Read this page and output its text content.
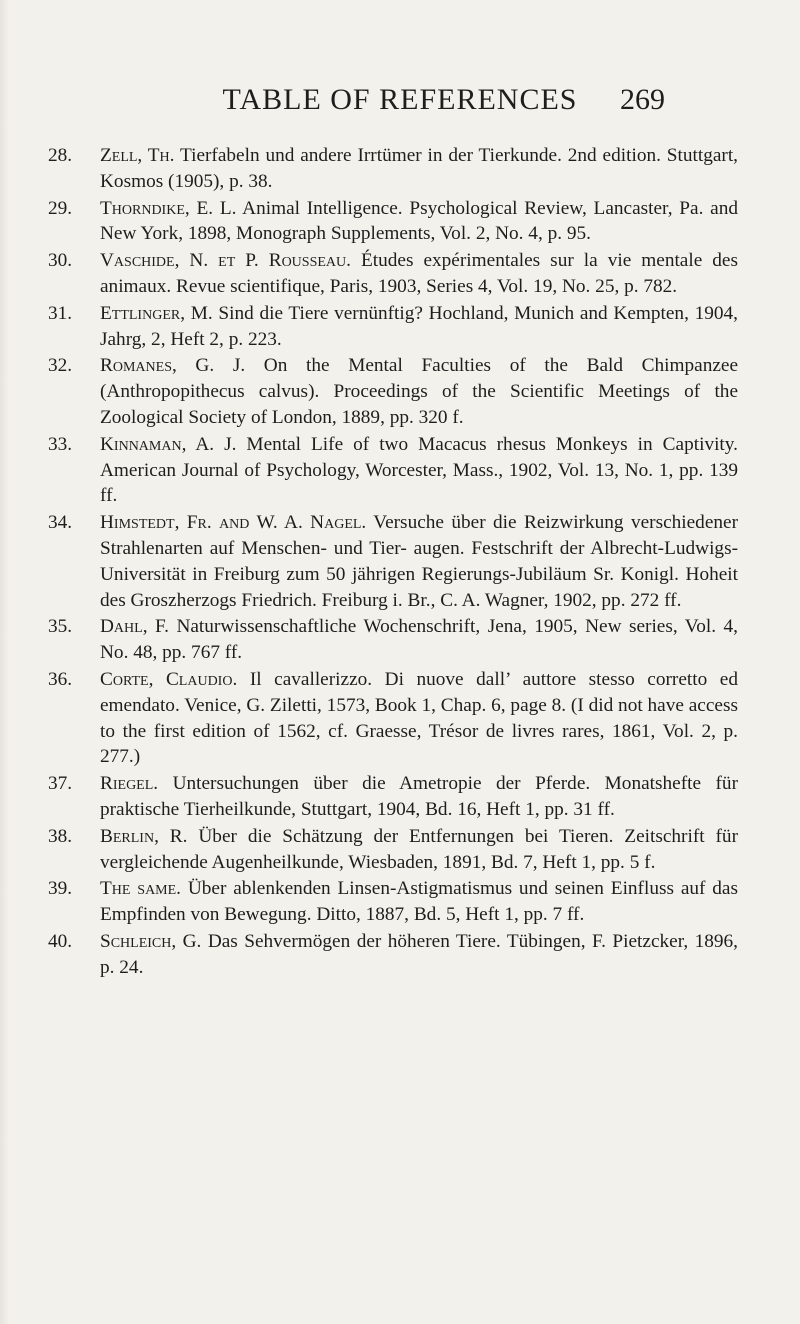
TABLE OF REFERENCES	269
28.	Zell, Th. Tierfabeln und andere Irrtümer in der Tierkunde. 2nd edition. Stuttgart, Kosmos (1905), p. 38.
29.	Thorndike, E. L. Animal Intelligence. Psychological Review, Lancaster, Pa. and New York, 1898, Monograph Supplements, Vol. 2, No. 4, p. 95.
30.	Vaschide, N. et P. Rousseau. Études expérimentales sur la vie mentale des animaux. Revue scientifique, Paris, 1903, Series 4, Vol. 19, No. 25, p. 782.
31.	Ettlinger, M. Sind die Tiere vernünftig? Hochland, Munich and Kempten, 1904, Jahrg, 2, Heft 2, p. 223.
32.	Romanes, G. J. On the Mental Faculties of the Bald Chimpanzee (Anthropopithecus calvus). Proceedings of the Scientific Meetings of the Zoological Society of London, 1889, pp. 320 f.
33.	Kinnaman, A. J. Mental Life of two Macacus rhesus Monkeys in Captivity. American Journal of Psychology, Worcester, Mass., 1902, Vol. 13, No. 1, pp. 139 ff.
34.	Himstedt, Fr. and W. A. Nagel. Versuche über die Reizwirkung verschiedener Strahlenarten auf Menschen- und Tier- augen. Festschrift der Albrecht-Ludwigs-Universität in Freiburg zum 50 jährigen Regierungs-Jubiläum Sr. Konigl. Hoheit des Groszherzogs Friedrich. Freiburg i. Br., C. A. Wagner, 1902, pp. 272 ff.
35.	Dahl, F. Naturwissenschaftliche Wochenschrift, Jena, 1905, New series, Vol. 4, No. 48, pp. 767 ff.
36.	Corte, Claudio. Il cavallerizzo. Di nuove dall’ auttore stesso corretto ed emendato. Venice, G. Ziletti, 1573, Book 1, Chap. 6, page 8. (I did not have access to the first edition of 1562, cf. Graesse, Trésor de livres rares, 1861, Vol. 2, p. 277.)
37.	Riegel. Untersuchungen über die Ametropie der Pferde. Monatshefte für praktische Tierheilkunde, Stuttgart, 1904, Bd. 16, Heft 1, pp. 31 ff.
38.	Berlin, R. Über die Schätzung der Entfernungen bei Tieren. Zeitschrift für vergleichende Augenheilkunde, Wiesbaden, 1891, Bd. 7, Heft 1, pp. 5 f.
39.	The same. Über ablenkenden Linsen-Astigmatismus und seinen Einfluss auf das Empfinden von Bewegung. Ditto, 1887, Bd. 5, Heft 1, pp. 7 ff.
40.	Schleich, G. Das Sehvermögen der höheren Tiere. Tübingen, F. Pietzcker, 1896, p. 24.
